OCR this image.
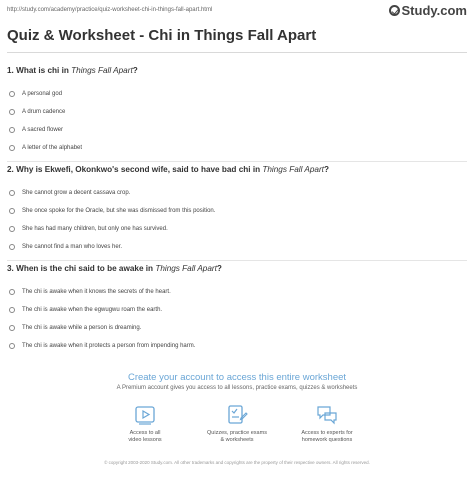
http://study.com/academy/practice/quiz-worksheet-chi-in-things-fall-apart.html	Study.com
Quiz & Worksheet - Chi in Things Fall Apart
1. What is chi in Things Fall Apart?
A personal god
A drum cadence
A sacred flower
A letter of the alphabet
2. Why is Ekwefi, Okonkwo's second wife, said to have bad chi in Things Fall Apart?
She cannot grow a decent cassava crop.
She once spoke for the Oracle, but she was dismissed from this position.
She has had many children, but only one has survived.
She cannot find a man who loves her.
3. When is the chi said to be awake in Things Fall Apart?
The chi is awake when it knows the secrets of the heart.
The chi is awake when the egwugwu roam the earth.
The chi is awake while a person is dreaming.
The chi is awake when it protects a person from impending harm.
Create your account to access this entire worksheet
A Premium account gives you access to all lessons, practice exams, quizzes & worksheets
Access to all
video lessons
Quizzes, practice exams
& worksheets
Access to experts for
homework questions
© copyright 2003-2020 Study.com. All other trademarks and copyrights are the property of their respective owners. All rights reserved.
